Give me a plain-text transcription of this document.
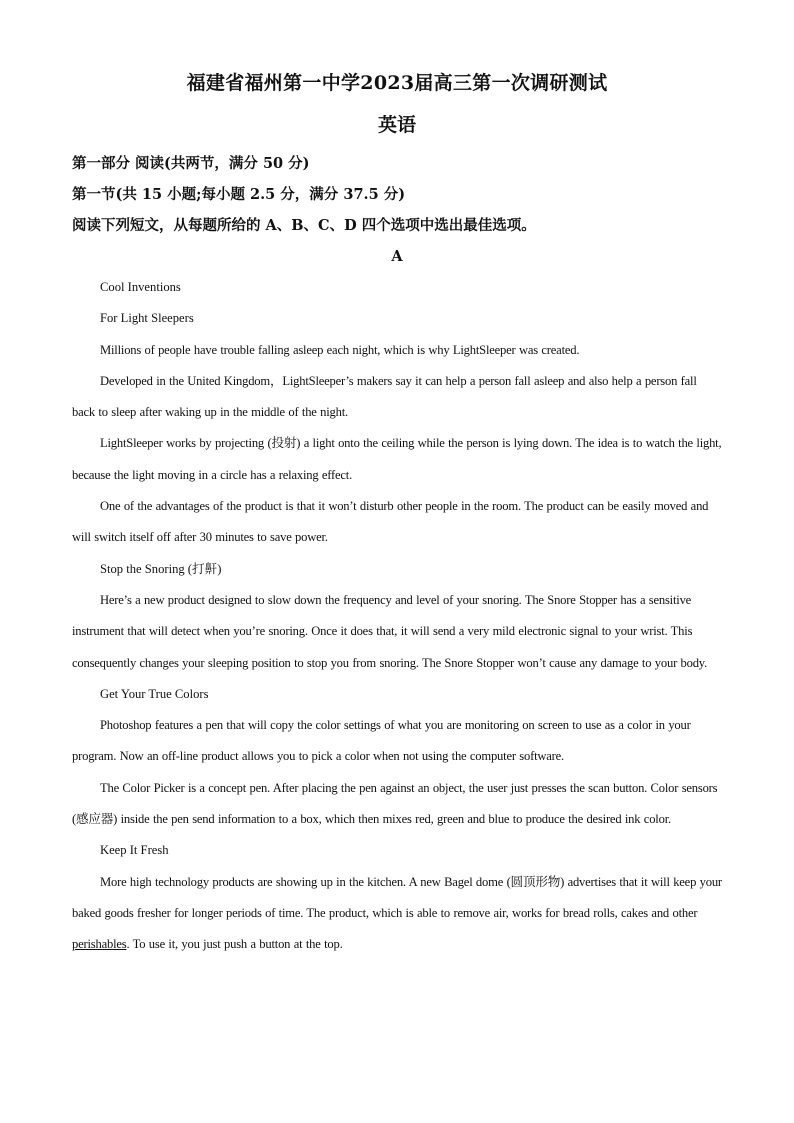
福建省福州第一中学2023届高三第一次调研测试
英语

第一部分 阅读(共两节，满分 50 分)

第一节(共 15 小题;每小题 2.5 分，满分 37.5 分)

阅读下列短文，从每题所给的 A、B、C、D 四个选项中选出最佳选项。

A

Cool Inventions

For Light Sleepers

Millions of people have trouble falling asleep each night, which is why LightSleeper was created.

Developed in the United Kingdom，LightSleeper’s makers say it can help a person fall asleep and also help a person fall back to sleep after waking up in the middle of the night.

LightSleeper works by projecting (投射) a light onto the ceiling while the person is lying down. The idea is to watch the light, because the light moving in a circle has a relaxing effect.

One of the advantages of the product is that it won’t disturb other people in the room. The product can be easily moved and will switch itself off after 30 minutes to save power.

Stop the Snoring (打鼾)

Here’s a new product designed to slow down the frequency and level of your snoring. The Snore Stopper has a sensitive instrument that will detect when you’re snoring. Once it does that, it will send a very mild electronic signal to your wrist. This consequently changes your sleeping position to stop you from snoring. The Snore Stopper won’t cause any damage to your body.

Get Your True Colors

Photoshop features a pen that will copy the color settings of what you are monitoring on screen to use as a color in your program. Now an off-line product allows you to pick a color when not using the computer software.

The Color Picker is a concept pen. After placing the pen against an object, the user just presses the scan button. Color sensors (感应器) inside the pen send information to a box, which then mixes red, green and blue to produce the desired ink color.

Keep It Fresh

More high technology products are showing up in the kitchen. A new Bagel dome (圆顶形物) advertises that it will keep your baked goods fresher for longer periods of time. The product, which is able to remove air, works for bread rolls, cakes and other perishables. To use it, you just push a button at the top.
